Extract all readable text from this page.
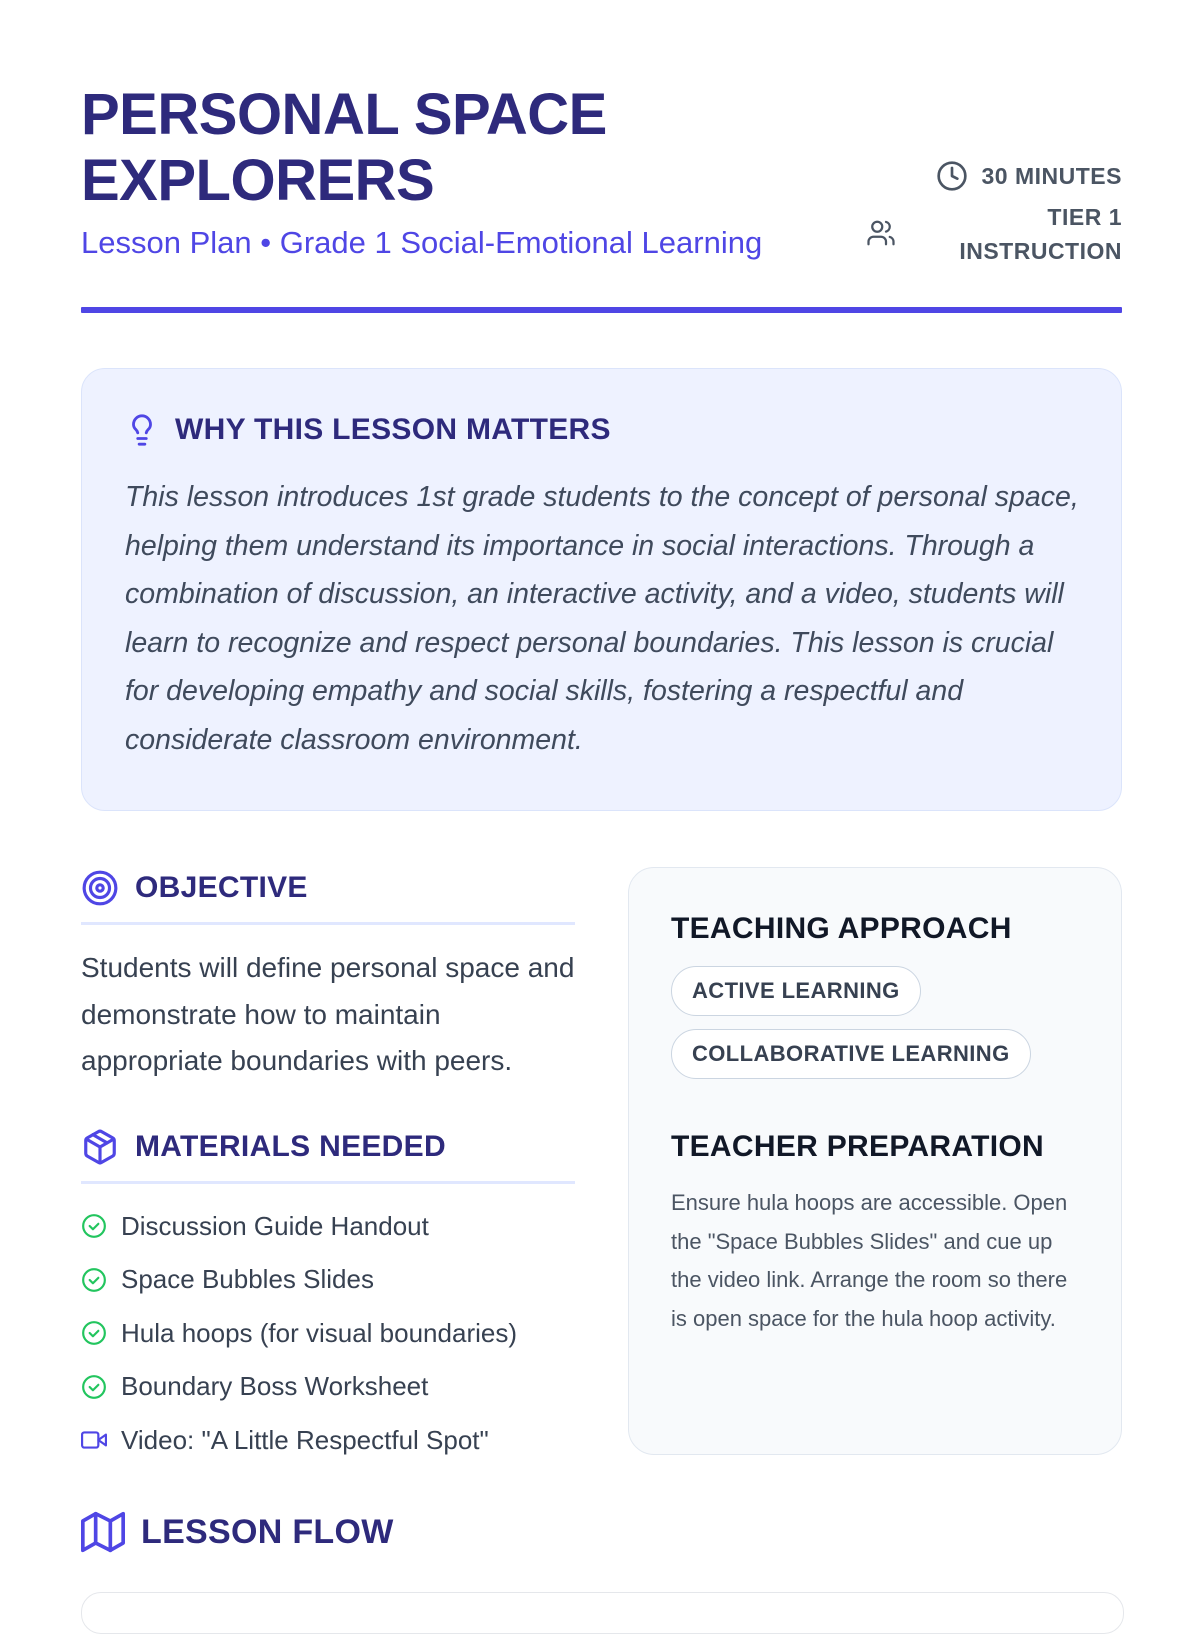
PERSONAL SPACE
EXPLORERS
Lesson Plan • Grade 1 Social-Emotional Learning
30 MINUTES
TIER 1 INSTRUCTION
WHY THIS LESSON MATTERS
This lesson introduces 1st grade students to the concept of personal space, helping them understand its importance in social interactions. Through a combination of discussion, an interactive activity, and a video, students will learn to recognize and respect personal boundaries. This lesson is crucial for developing empathy and social skills, fostering a respectful and considerate classroom environment.
OBJECTIVE
Students will define personal space and demonstrate how to maintain appropriate boundaries with peers.
MATERIALS NEEDED
Discussion Guide Handout
Space Bubbles Slides
Hula hoops (for visual boundaries)
Boundary Boss Worksheet
Video: "A Little Respectful Spot"
TEACHING APPROACH
ACTIVE LEARNING
COLLABORATIVE LEARNING
TEACHER PREPARATION
Ensure hula hoops are accessible. Open the "Space Bubbles Slides" and cue up the video link. Arrange the room so there is open space for the hula hoop activity.
LESSON FLOW
